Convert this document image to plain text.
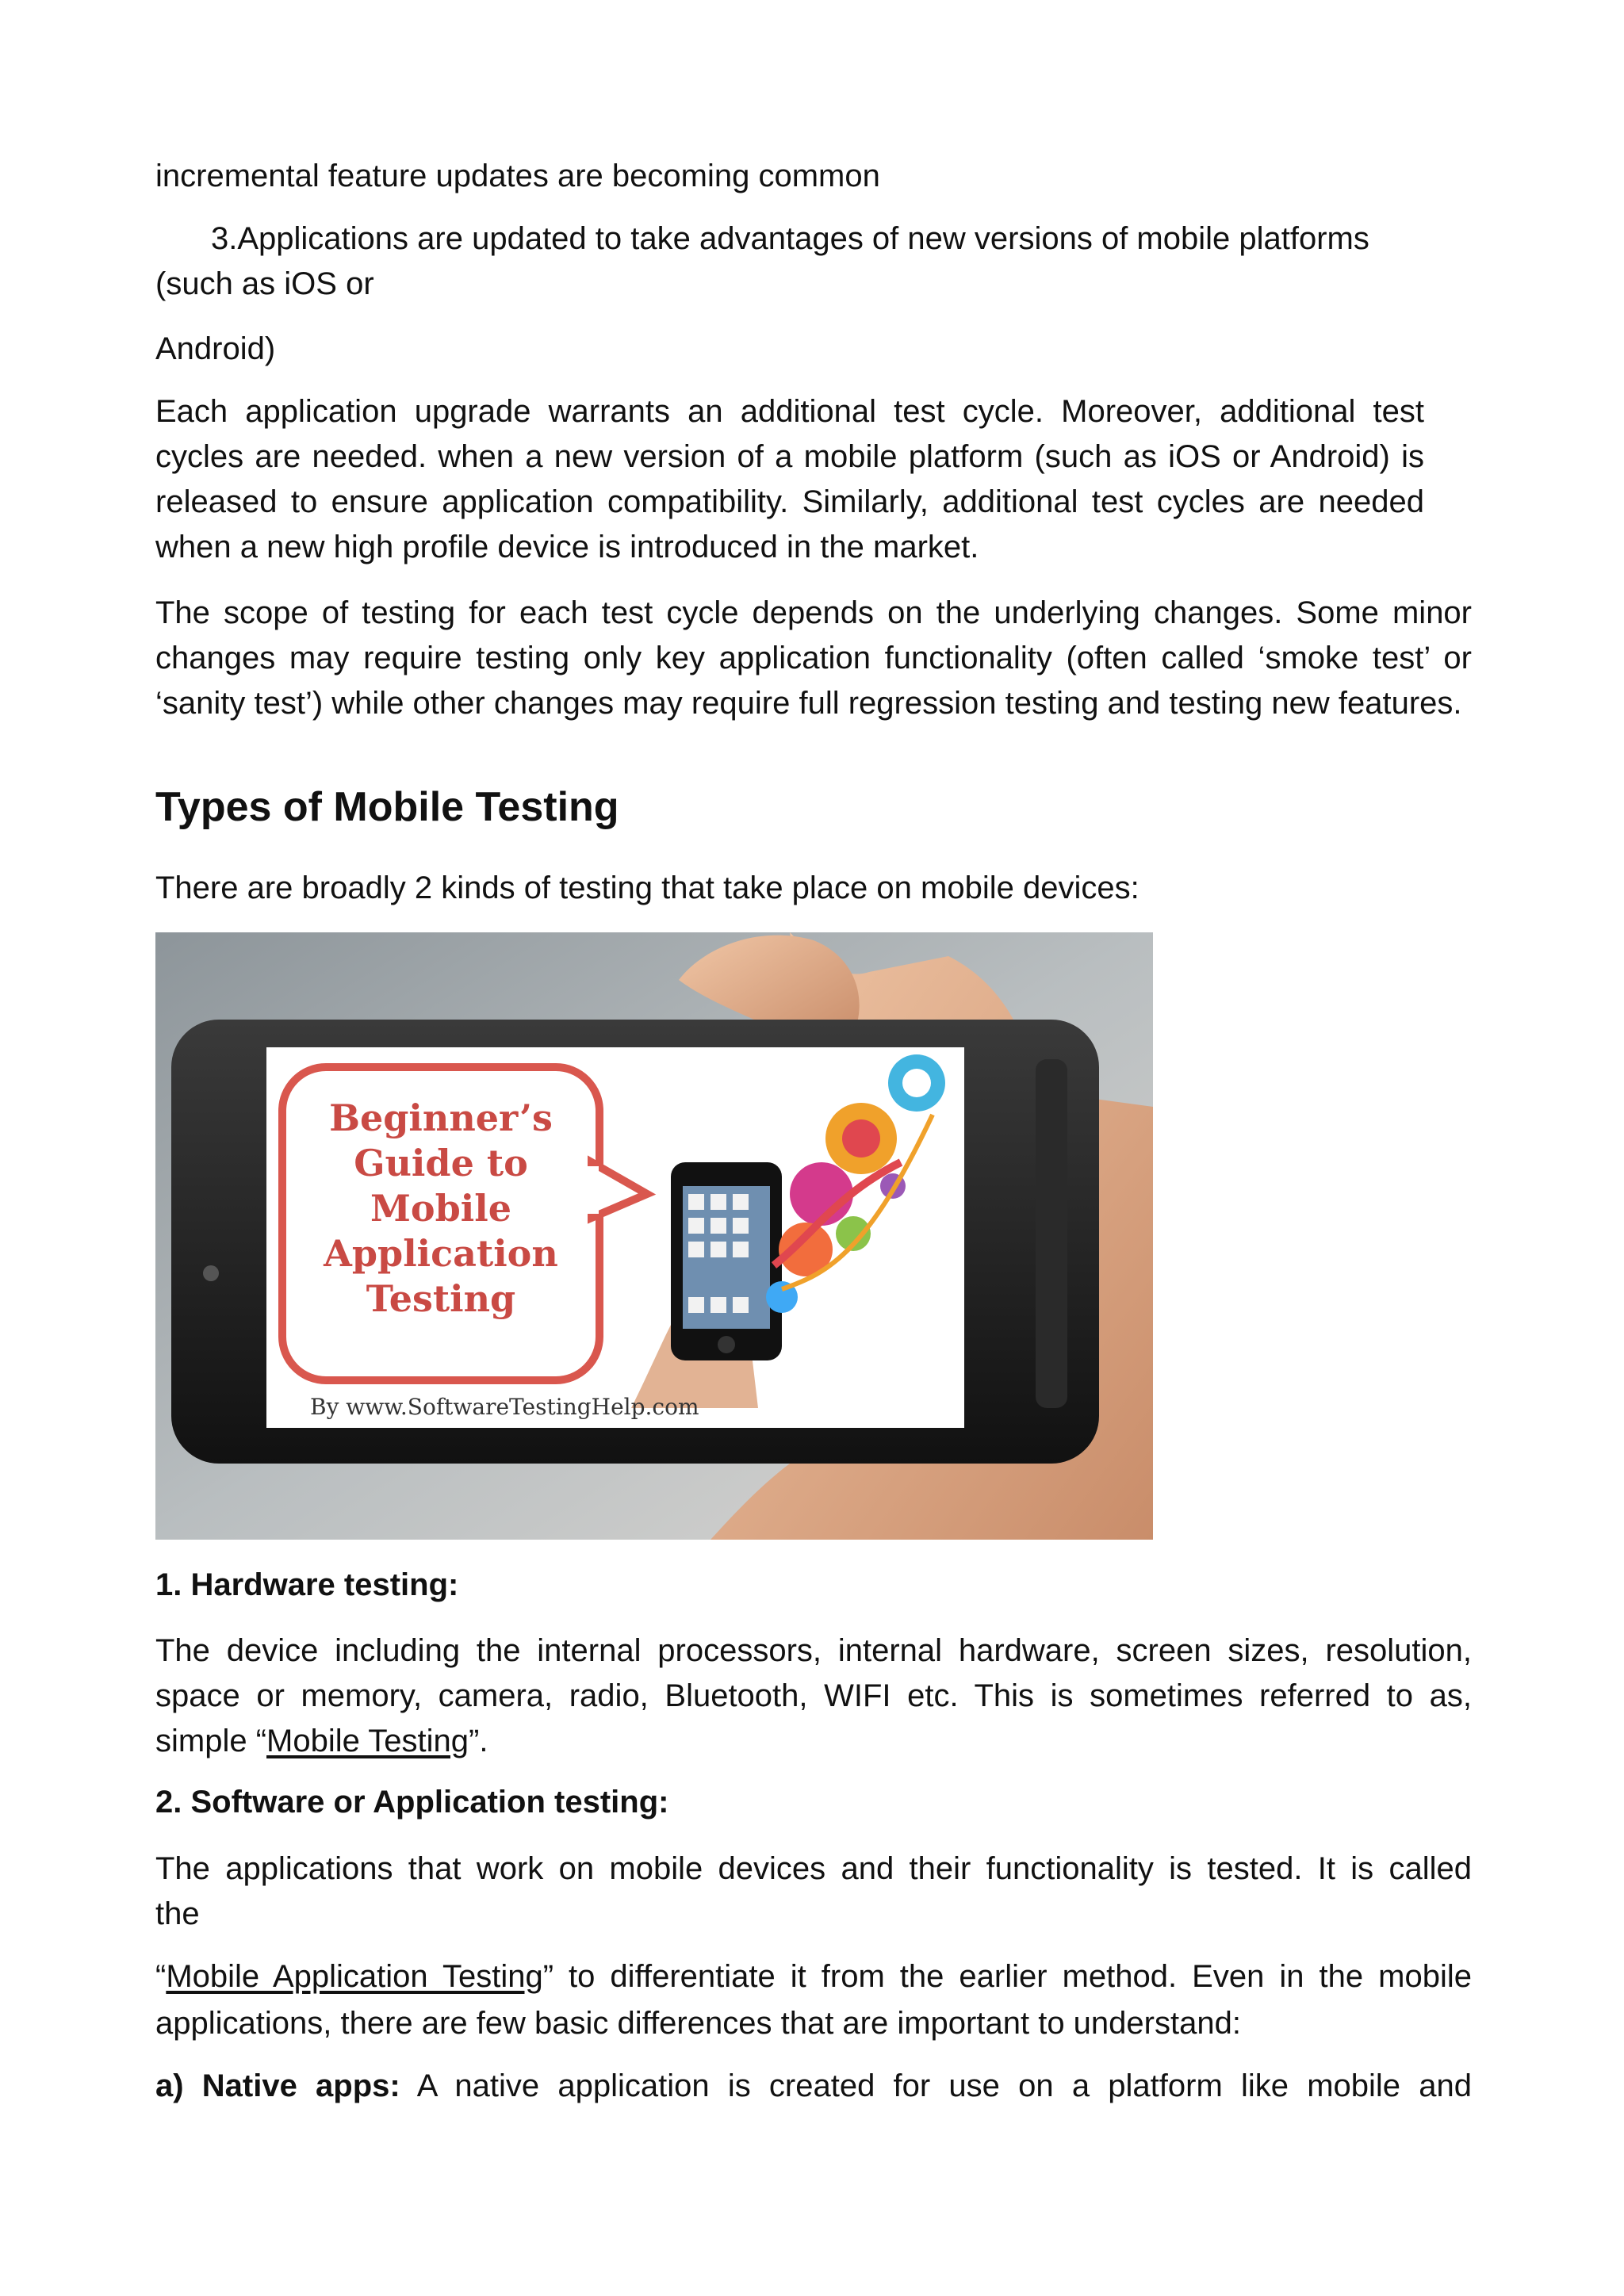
incremental feature updates are becoming common

3.Applications are updated to take advantages of new versions of mobile platforms

(such as iOS or

Android)

Each application upgrade warrants an additional test cycle. Moreover, additional test cycles are needed. when a new version of a mobile platform (such as iOS or Android) is released to ensure application compatibility. Similarly, additional test cycles are needed when a new high profile device is introduced in the market.

The scope of testing for each test cycle depends on the underlying changes. Some minor changes may require testing only key application functionality (often called ‘smoke test’ or ‘sanity test’) while other changes may require full regression testing and testing new features.

Types of Mobile Testing

There are broadly 2 kinds of testing that take place on mobile devices:

Beginner’s
Guide to
Mobile
Application
Testing
By www.SoftwareTestingHelp.com
1. Hardware testing:

The device including the internal processors, internal hardware, screen sizes, resolution, space or memory, camera, radio, Bluetooth, WIFI etc. This is sometimes referred to as,

simple “Mobile Testing”.

2. Software or Application testing:

The applications that work on mobile devices and their functionality is tested. It is called

the

“Mobile Application Testing” to differentiate it from the earlier method. Even in the mobile

applications, there are few basic differences that are important to understand:

a) Native apps: A native application is created for use on a platform like mobile and
